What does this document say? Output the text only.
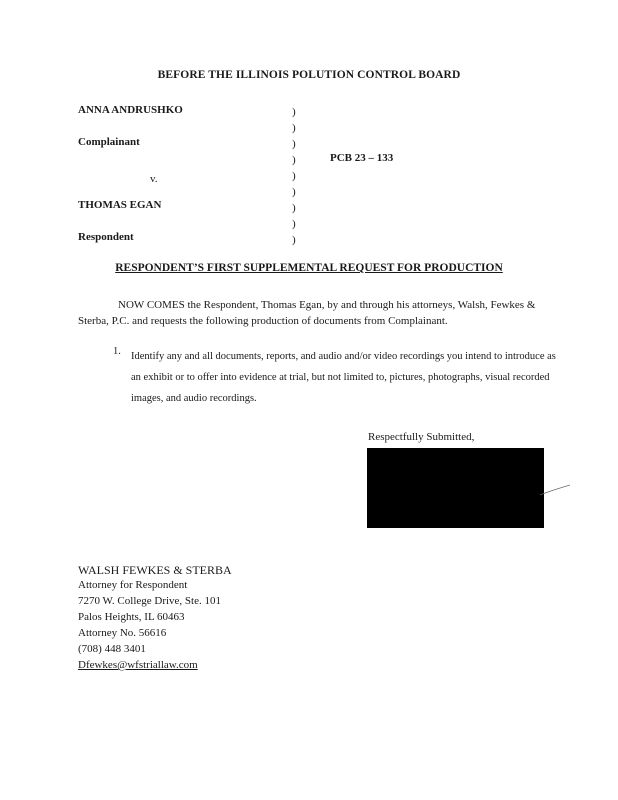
BEFORE THE ILLINOIS POLUTION CONTROL BOARD
ANNA ANDRUSHKO
Complainant
v.
THOMAS EGAN
Respondent
)
)
)
)
)
)
)
)
)
PCB 23 – 133
RESPONDENT’S FIRST SUPPLEMENTAL REQUEST FOR PRODUCTION
NOW COMES the Respondent, Thomas Egan, by and through his attorneys, Walsh, Fewkes & Sterba, P.C. and requests the following production of documents from Complainant.
1. Identify any and all documents, reports, and audio and/or video recordings you intend to introduce as an exhibit or to offer into evidence at trial, but not limited to, pictures, photographs, visual recorded images, and audio recordings.
Respectfully Submitted,
WALSH FEWKES & STERBA
Attorney for Respondent
7270 W. College Drive, Ste. 101
Palos Heights, IL 60463
Attorney No. 56616
(708) 448 3401
Dfewkes@wfstriallaw.com
